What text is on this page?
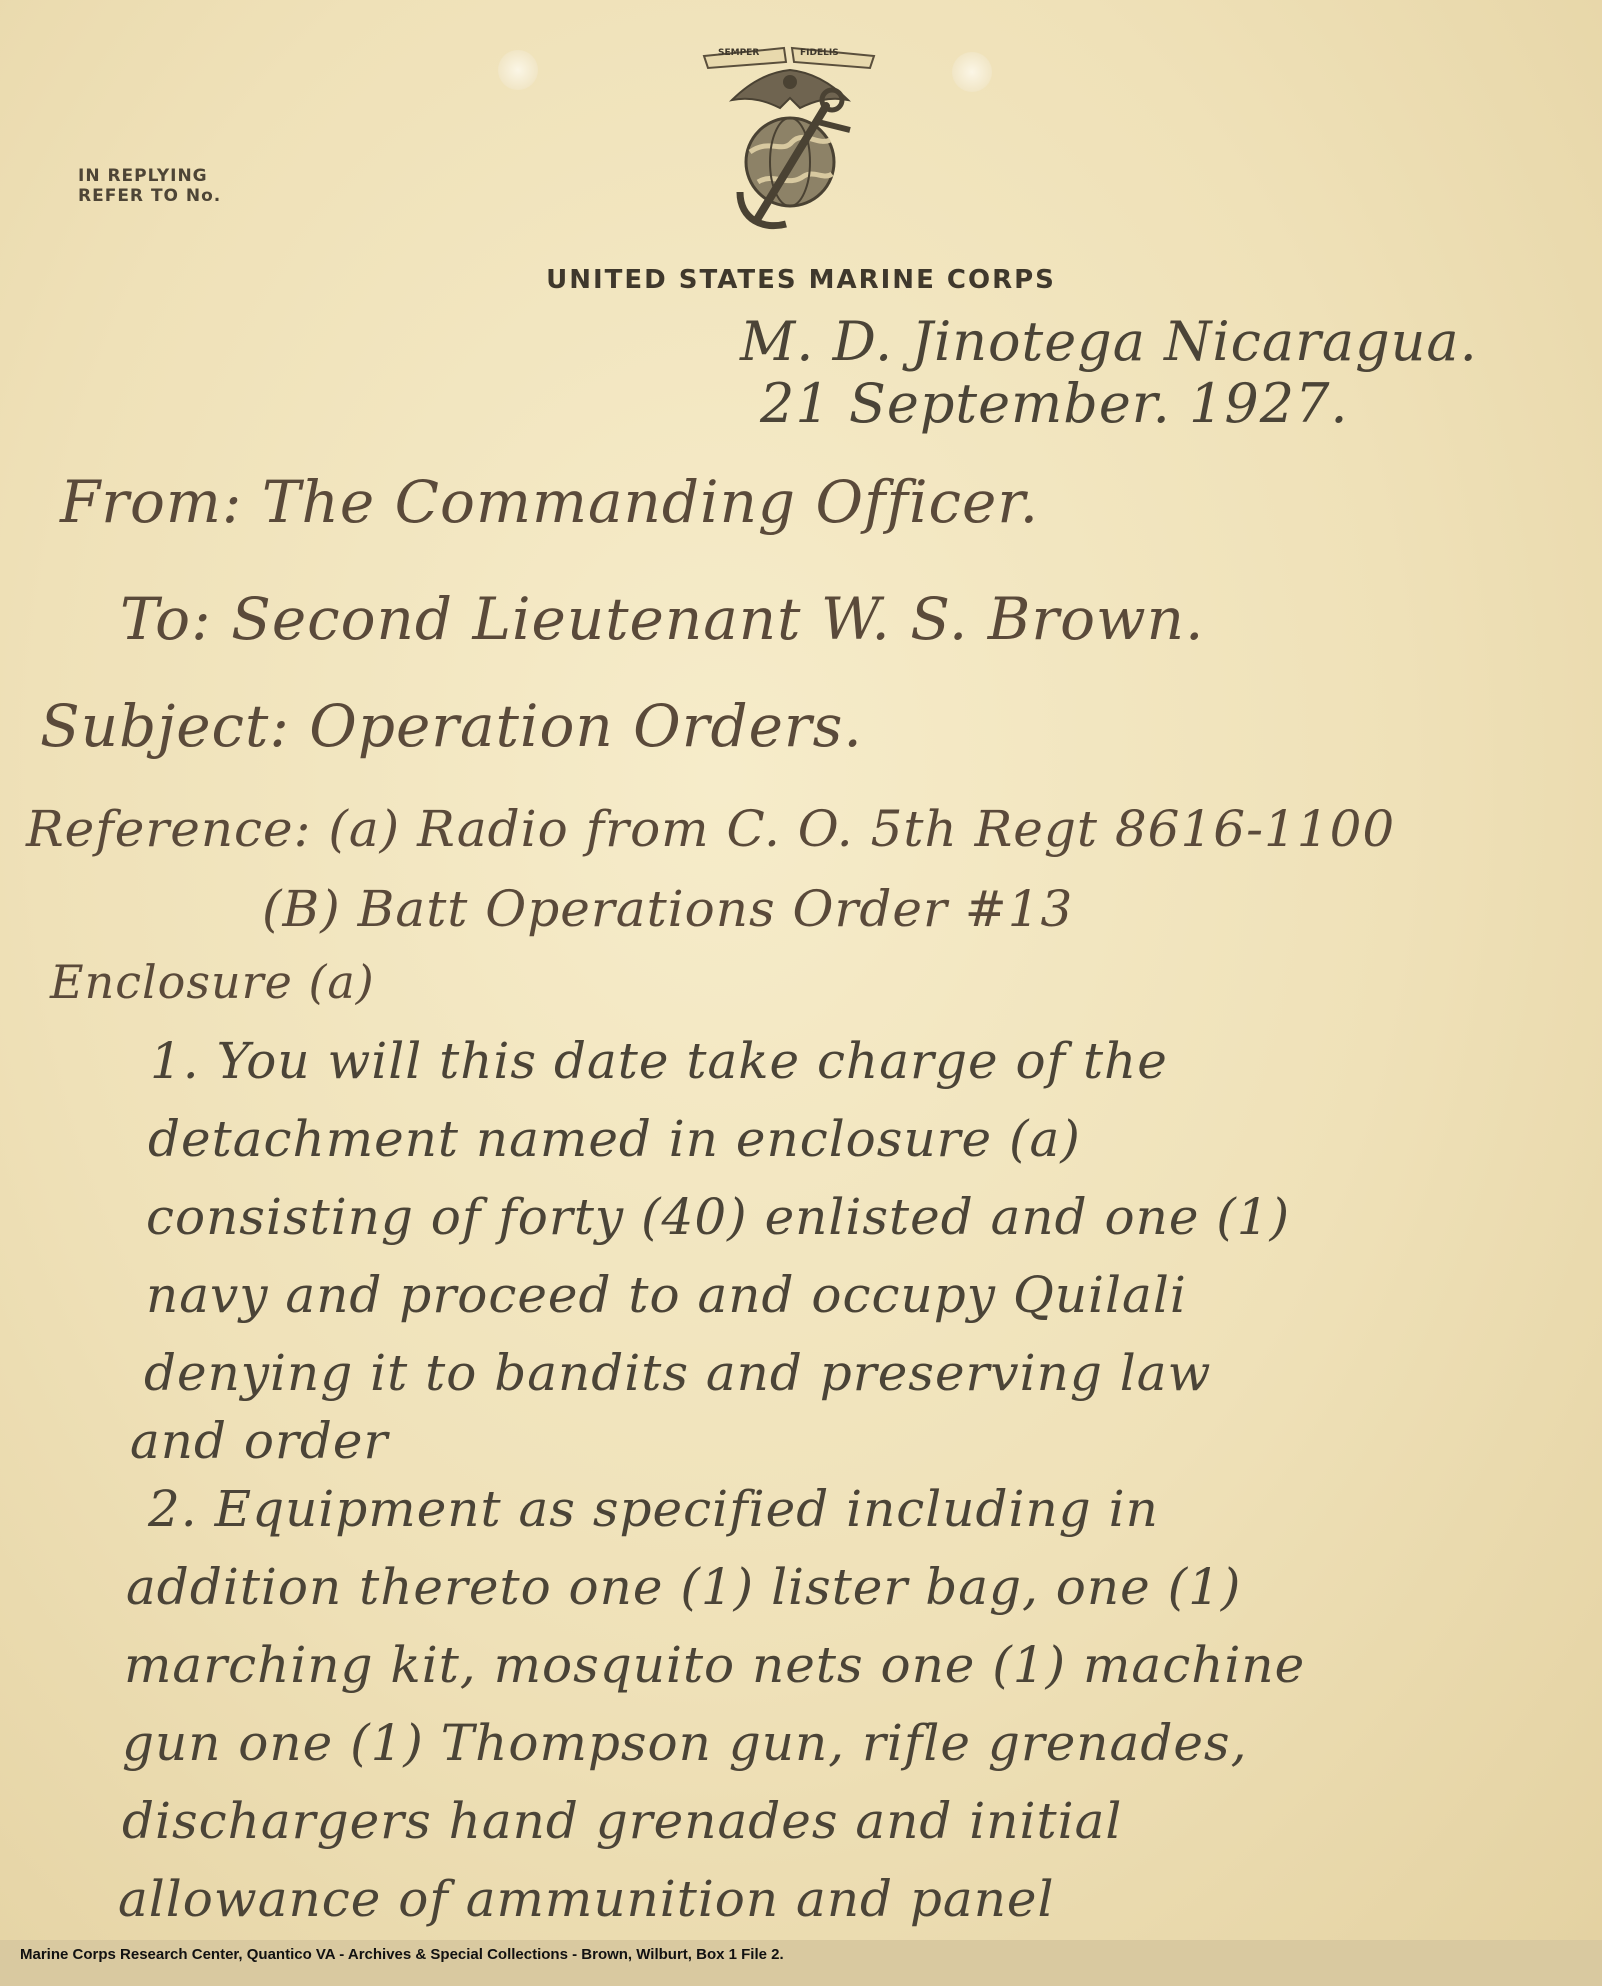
IN REPLYING
REFER TO No.
SEMPER	FIDELIS
UNITED STATES MARINE CORPS
M. D. Jinotega Nicaragua.
21 September. 1927.
From: The Commanding Officer.
To: Second Lieutenant W. S. Brown.
Subject: Operation Orders.
Reference: (a) Radio from C. O. 5th Regt 8616-1100
(B) Batt Operations Order #13
Enclosure (a)
1. You will this date take charge of the
detachment named in enclosure (a)
consisting of forty (40) enlisted and one (1)
navy and proceed to and occupy Quilali
denying it to bandits and preserving law
and order
2. Equipment as specified including in
addition thereto one (1) lister bag, one (1)
marching kit, mosquito nets one (1) machine
gun one (1) Thompson gun, rifle grenades,
dischargers hand grenades and initial
allowance of ammunition and panel
Marine Corps Research Center, Quantico VA - Archives & Special Collections - Brown, Wilburt, Box 1 File 2.
